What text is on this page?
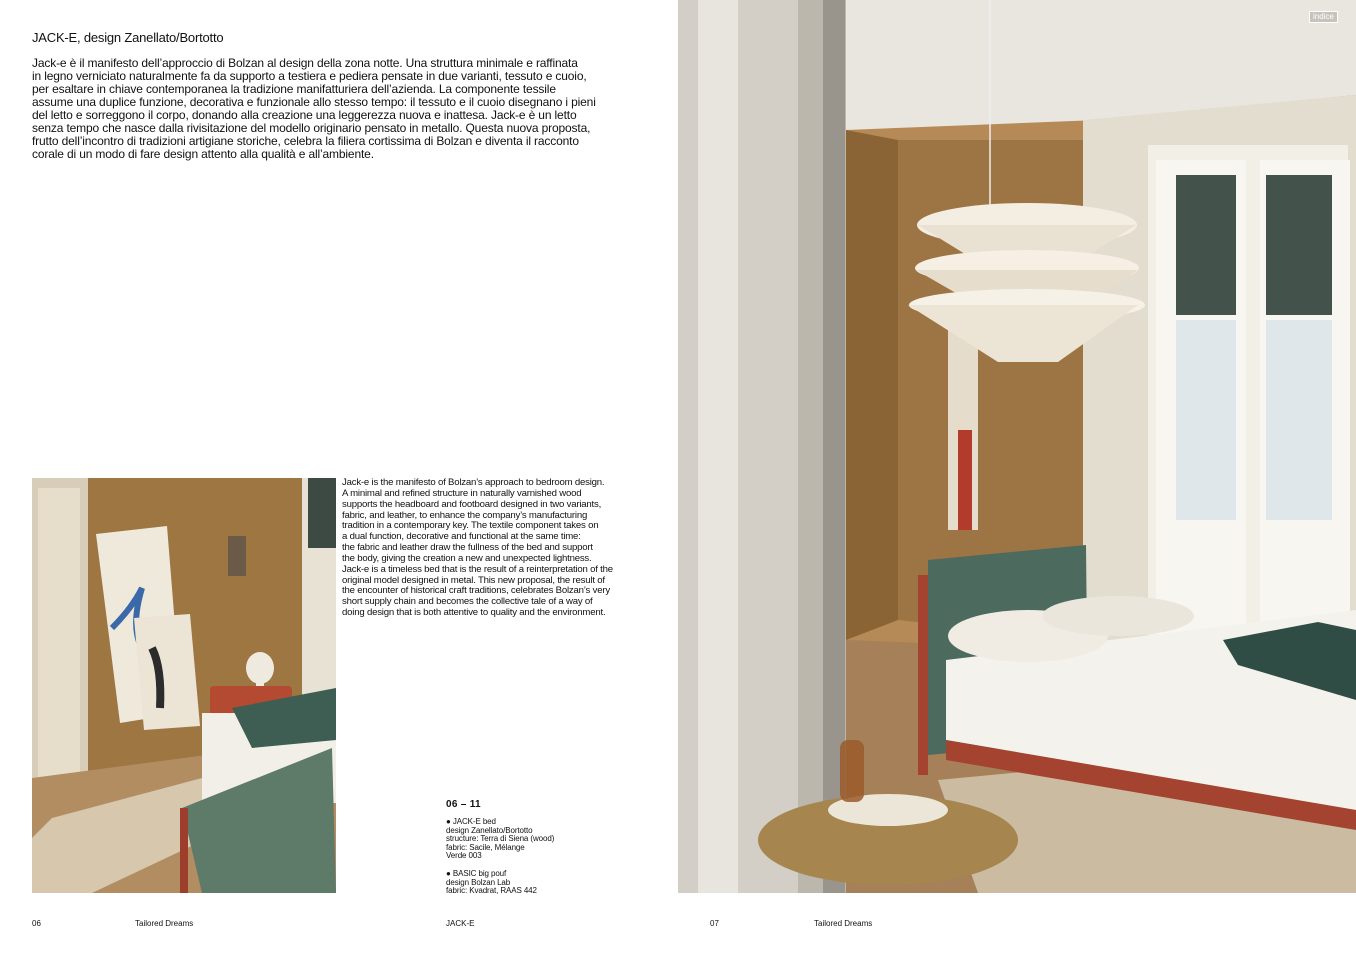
JACK-E, design Zanellato/Bortotto
Jack-e è il manifesto dell’approccio di Bolzan al design della zona notte. Una struttura minimale e raffinata
in legno verniciato naturalmente fa da supporto a testiera e pediera pensate in due varianti, tessuto e cuoio,
per esaltare in chiave contemporanea la tradizione manifatturiera dell’azienda. La componente tessile
assume una duplice funzione, decorativa e funzionale allo stesso tempo: il tessuto e il cuoio disegnano i pieni
del letto e sorreggono il corpo, donando alla creazione una leggerezza nuova e inattesa. Jack-e è un letto
senza tempo che nasce dalla rivisitazione del modello originario pensato in metallo. Questa nuova proposta,
frutto dell’incontro di tradizioni artigiane storiche, celebra la filiera cortissima di Bolzan e diventa il racconto
corale di un modo di fare design attento alla qualità e all’ambiente.
Jack-e is the manifesto of Bolzan’s approach to bedroom design.
A minimal and refined structure in naturally varnished wood
supports the headboard and footboard designed in two variants,
fabric, and leather, to enhance the company’s manufacturing
tradition in a contemporary key. The textile component takes on
a dual function, decorative and functional at the same time:
the fabric and leather draw the fullness of the bed and support
the body, giving the creation a new and unexpected lightness.
Jack-e is a timeless bed that is the result of a reinterpretation of the
original model designed in metal. This new proposal, the result of
the encounter of historical craft traditions, celebrates Bolzan’s very
short supply chain and becomes the collective tale of a way of
doing design that is both attentive to quality and the environment.
06 – 11
● JACK-E bed
design Zanellato/Bortotto
structure: Terra di Siena (wood)
fabric: Sacile, Mélange
Verde 003
● BASIC big pouf
design Bolzan Lab
fabric: Kvadrat, RAAS 442
indice
06	Tailored Dreams	JACK-E	07	Tailored Dreams
